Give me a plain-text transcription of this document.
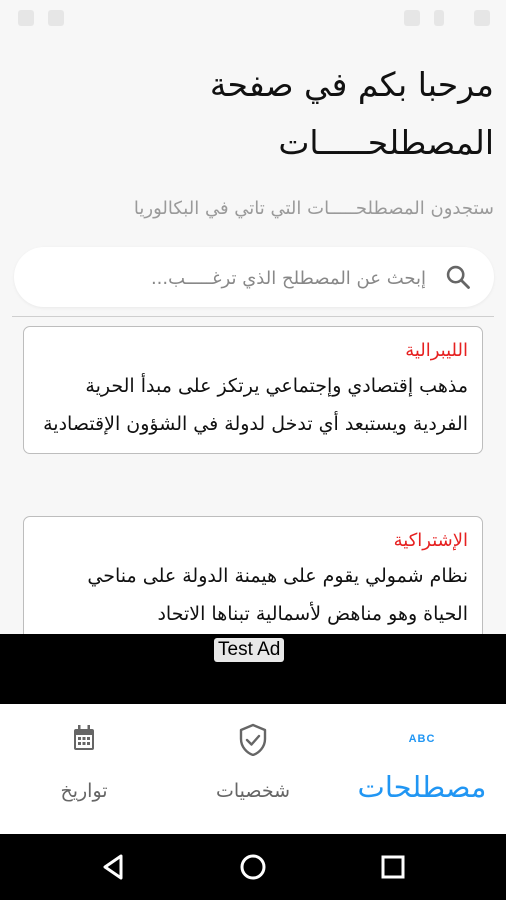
مرحبا بكم في صفحة المصطلحـــــات
ستجدون المصطلحـــــات التي تاتي في البكالوريا
إبحث عن المصطلح الذي ترغـــــب...
الليبرالية
مذهب إقتصادي وإجتماعي يرتكز على مبدأ الحرية الفردية ويستبعد أي تدخل لدولة في الشؤون الإقتصادية
الإشتراكية
نظام شمولي يقوم على هيمنة الدولة على مناحي الحياة وهو مناهض لأسمالية تبناها الاتحاد
Test Ad
تواريخ	شخصيات
ABC
مصطلحات
